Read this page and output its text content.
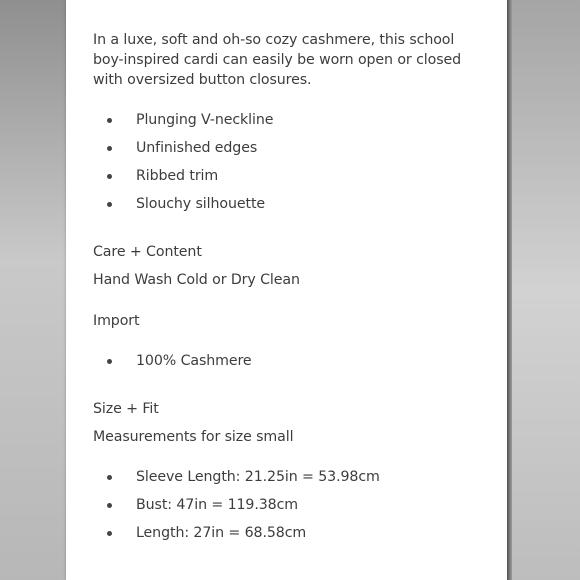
In a luxe, soft and oh-so cozy cashmere, this school boy-inspired cardi can easily be worn open or closed with oversized button closures.

Plunging V-neckline
Unfinished edges
Ribbed trim
Slouchy silhouette

Care + Content

Hand Wash Cold or Dry Clean

Import

100% Cashmere

Size + Fit

Measurements for size small

Sleeve Length: 21.25in = 53.98cm
Bust: 47in = 119.38cm
Length: 27in = 68.58cm
